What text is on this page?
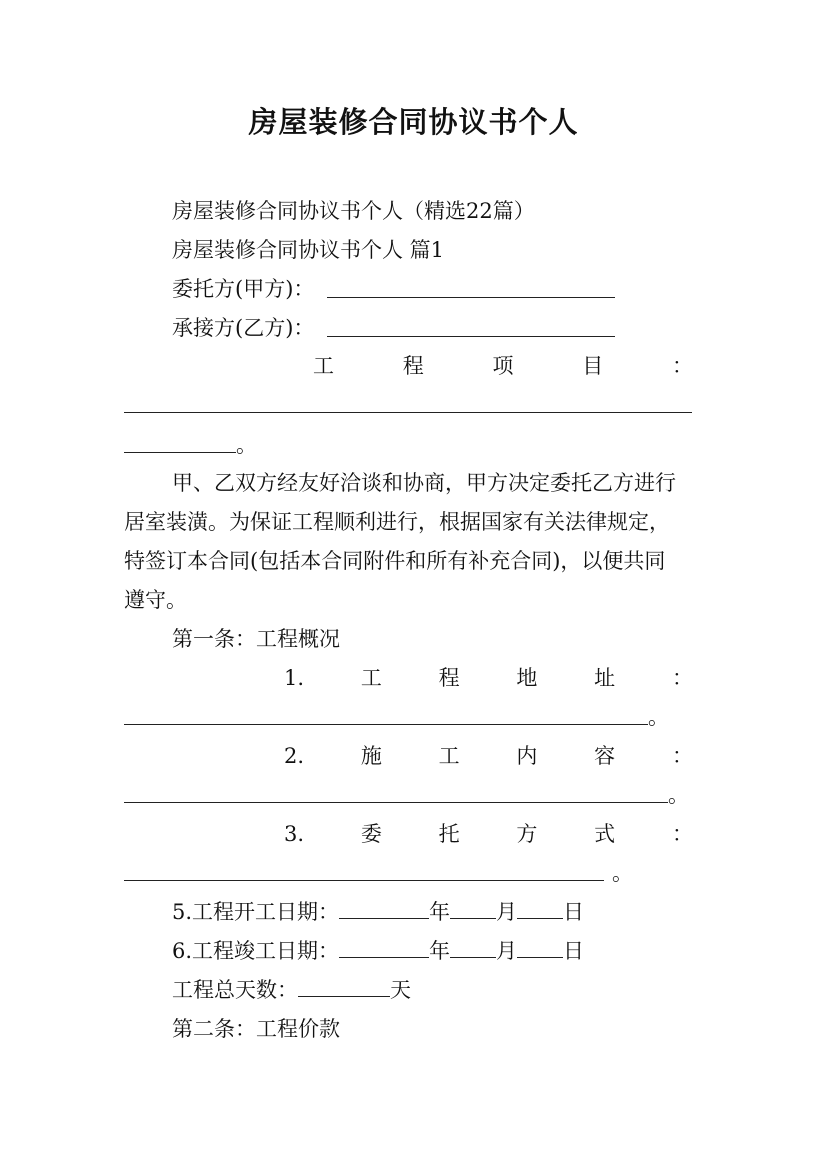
房屋装修合同协议书个人
房屋装修合同协议书个人（精选22篇）
房屋装修合同协议书个人 篇1
委托方(甲方)：
承接方(乙方)：
工	程	项	目	：
。
甲、乙双方经友好洽谈和协商，甲方决定委托乙方进行
居室装潢。为保证工程顺利进行，根据国家有关法律规定，
特签订本合同(包括本合同附件和所有补充合同)，以便共同
遵守。
第一条：工程概况
1.	工	程	地	址	：
。
2.	施	工	内	容	：
。
3.	委	托	方	式	：
。
5.工程开工日期：	年 月 日
6.工程竣工日期：	年 月 日
工程总天数：	天
第二条：工程价款
